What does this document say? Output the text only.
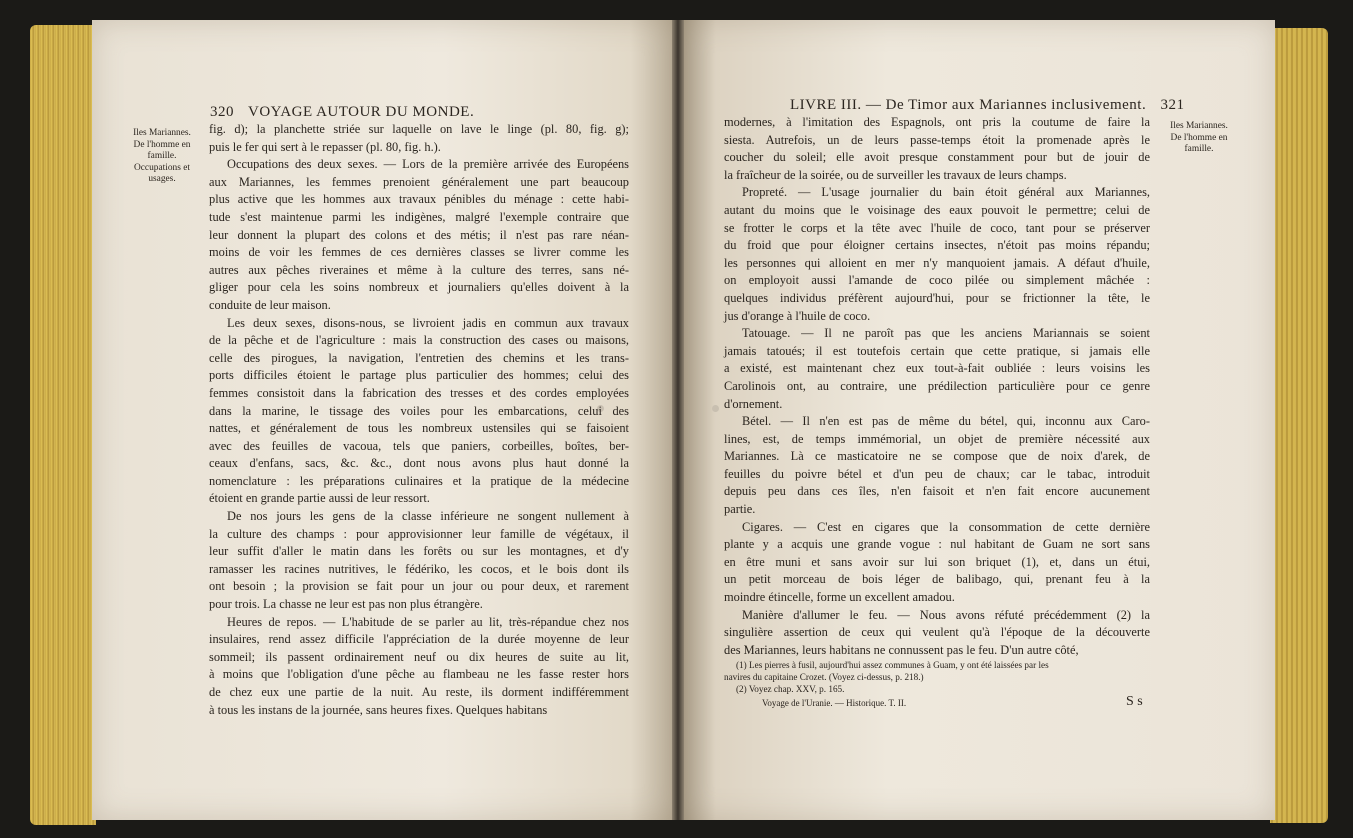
320 VOYAGE AUTOUR DU MONDE.
Iles Mariannes.
De l'homme en famille.
Occupations et usages.
fig. d); la planchette striée sur laquelle on lave le linge (pl. 80, fig. g);
puis le fer qui sert à le repasser (pl. 80, fig. h.).
Occupations des deux sexes. — Lors de la première arrivée des Européens
aux Mariannes, les femmes prenoient généralement une part beaucoup
plus active que les hommes aux travaux pénibles du ménage : cette habi-
tude s'est maintenue parmi les indigènes, malgré l'exemple contraire que
leur donnent la plupart des colons et des métis; il n'est pas rare néan-
moins de voir les femmes de ces dernières classes se livrer comme les
autres aux pêches riveraines et même à la culture des terres, sans né-
gliger pour cela les soins nombreux et journaliers qu'elles doivent à la
conduite de leur maison.
Les deux sexes, disons-nous, se livroient jadis en commun aux travaux
de la pêche et de l'agriculture : mais la construction des cases ou maisons,
celle des pirogues, la navigation, l'entretien des chemins et les trans-
ports difficiles étoient le partage plus particulier des hommes; celui des
femmes consistoit dans la fabrication des tresses et des cordes employées
dans la marine, le tissage des voiles pour les embarcations, celui des
nattes, et généralement de tous les nombreux ustensiles qui se faisoient
avec des feuilles de vacoua, tels que paniers, corbeilles, boîtes, ber-
ceaux d'enfans, sacs, &c. &c., dont nous avons plus haut donné la
nomenclature : les préparations culinaires et la pratique de la médecine
étoient en grande partie aussi de leur ressort.
De nos jours les gens de la classe inférieure ne songent nullement à
la culture des champs : pour approvisionner leur famille de végétaux, il
leur suffit d'aller le matin dans les forêts ou sur les montagnes, et d'y
ramasser les racines nutritives, le fédériko, les cocos, et le bois dont ils
ont besoin ; la provision se fait pour un jour ou pour deux, et rarement
pour trois. La chasse ne leur est pas non plus étrangère.
Heures de repos. — L'habitude de se parler au lit, très-répandue chez nos
insulaires, rend assez difficile l'appréciation de la durée moyenne de leur
sommeil; ils passent ordinairement neuf ou dix heures de suite au lit,
à moins que l'obligation d'une pêche au flambeau ne les fasse rester hors
de chez eux une partie de la nuit. Au reste, ils dorment indifféremment
à tous les instans de la journée, sans heures fixes. Quelques habitans
LIVRE III. — De Timor aux Mariannes inclusivement. 321
Iles Mariannes.
De l'homme en famille.
modernes, à l'imitation des Espagnols, ont pris la coutume de faire la
siesta. Autrefois, un de leurs passe-temps étoit la promenade après le
coucher du soleil; elle avoit presque constamment pour but de jouir de
la fraîcheur de la soirée, ou de surveiller les travaux de leurs champs.
Propreté. — L'usage journalier du bain étoit général aux Mariannes,
autant du moins que le voisinage des eaux pouvoit le permettre; celui de
se frotter le corps et la tête avec l'huile de coco, tant pour se préserver
du froid que pour éloigner certains insectes, n'étoit pas moins répandu;
les personnes qui alloient en mer n'y manquoient jamais. A défaut d'huile,
on employoit aussi l'amande de coco pilée ou simplement mâchée :
quelques individus préfèrent aujourd'hui, pour se frictionner la tête, le
jus d'orange à l'huile de coco.
Tatouage. — Il ne paroît pas que les anciens Mariannais se soient
jamais tatoués; il est toutefois certain que cette pratique, si jamais elle
a existé, est maintenant chez eux tout-à-fait oubliée : leurs voisins les
Carolinois ont, au contraire, une prédilection particulière pour ce genre
d'ornement.
Bétel. — Il n'en est pas de même du bétel, qui, inconnu aux Caro-
lines, est, de temps immémorial, un objet de première nécessité aux
Mariannes. Là ce masticatoire ne se compose que de noix d'arek, de
feuilles du poivre bétel et d'un peu de chaux; car le tabac, introduit
depuis peu dans ces îles, n'en faisoit et n'en fait encore aucunement
partie.
Cigares. — C'est en cigares que la consommation de cette dernière
plante y a acquis une grande vogue : nul habitant de Guam ne sort sans
en être muni et sans avoir sur lui son briquet (1), et, dans un étui,
un petit morceau de bois léger de balibago, qui, prenant feu à la
moindre étincelle, forme un excellent amadou.
Manière d'allumer le feu. — Nous avons réfuté précédemment (2) la
singulière assertion de ceux qui veulent qu'à l'époque de la découverte
des Mariannes, leurs habitans ne connussent pas le feu. D'un autre côté,
(1) Les pierres à fusil, aujourd'hui assez communes à Guam, y ont été laissées par les
navires du capitaine Crozet. (Voyez ci-dessus, p. 218.)
(2) Voyez chap. XXV, p. 165.
Voyage de l'Uranie. — Historique. T. II.	S s
